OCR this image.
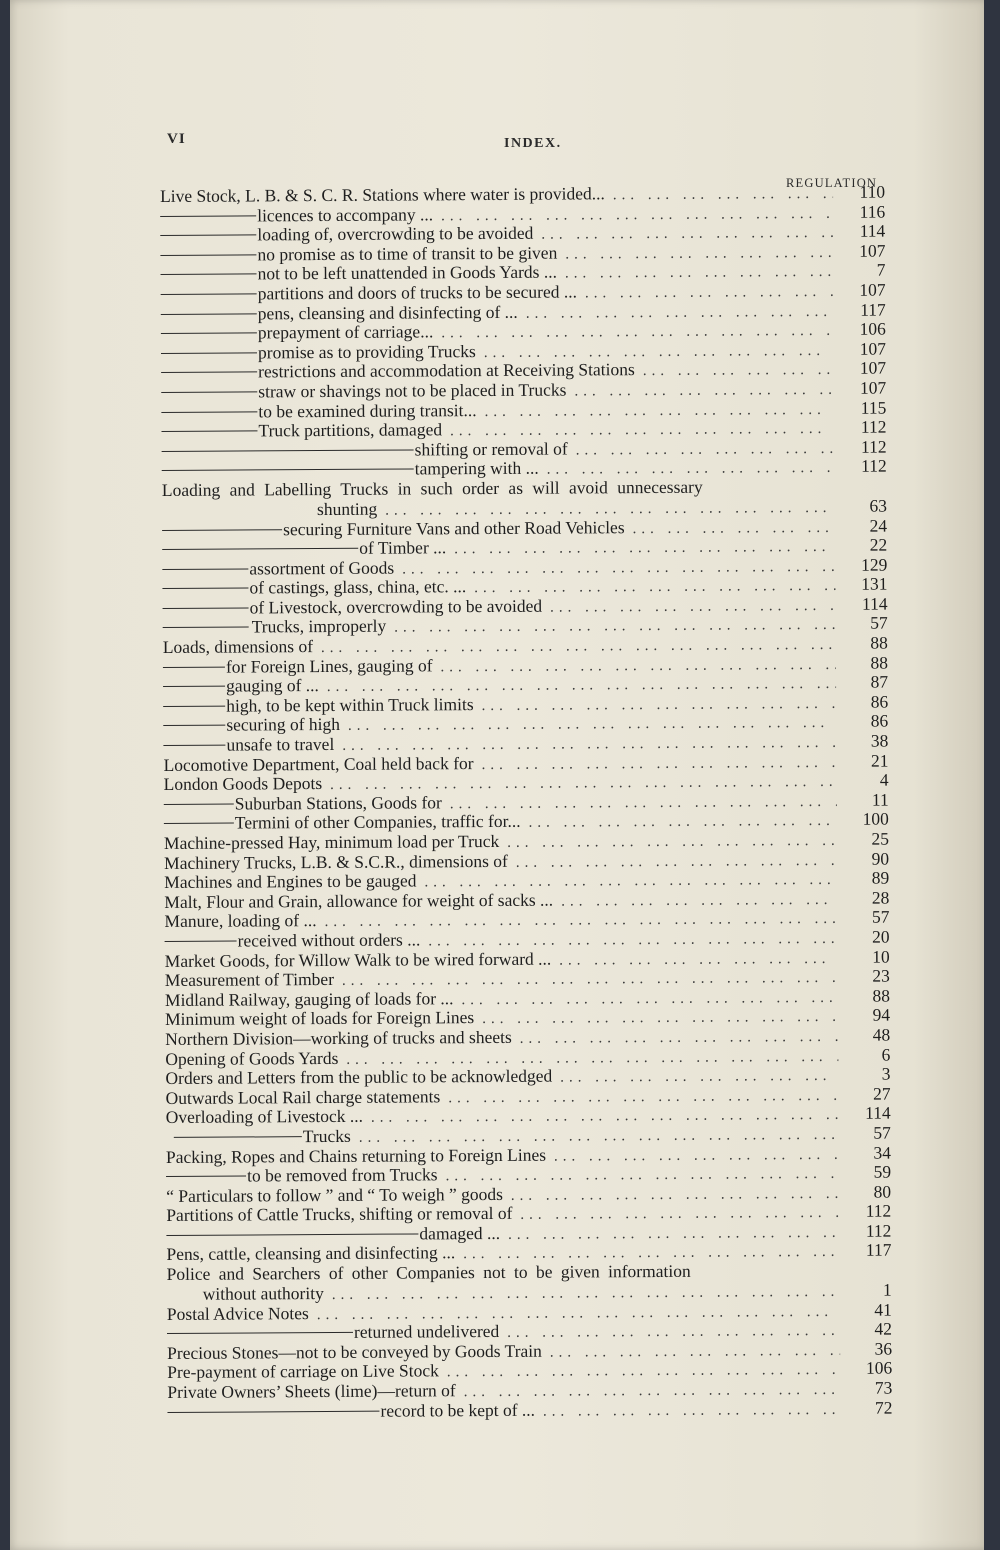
VI	INDEX.
REGULATION
Live Stock, L. B. & S. C. R. Stations where water is provided... ... .	110
licences to accompany ... ... .	116
loading of, overcrowding to be avoided ... .	114
no promise as to time of transit to be given ... .	107
not to be left unattended in Goods Yards ... ... .	7
partitions and doors of trucks to be secured ... ... .	107
pens, cleansing and disinfecting of ... ... .	117
prepayment of carriage... ... .	106
promise as to providing Trucks ... .	107
restrictions and accommodation at Receiving Stations ... .	107
straw or shavings not to be placed in Trucks ... .	107
to be examined during transit... ... .	115
Truck partitions, damaged ... .	112
shifting or removal of ... .	112
tampering with ... ... .	112
Loading and Labelling Trucks in such order as will avoid unnecessary
shunting ... .	63
securing Furniture Vans and other Road Vehicles ... .	24
of Timber ... ... .	22
assortment of Goods ... .	129
of castings, glass, china, etc. ... ... .	131
of Livestock, overcrowding to be avoided ... .	114
Trucks, improperly ... .	57
Loads, dimensions of ... .	88
for Foreign Lines, gauging of ... .	88
gauging of ... ... .	87
high, to be kept within Truck limits ... .	86
securing of high ... .	86
unsafe to travel ... .	38
Locomotive Department, Coal held back for ... .	21
London Goods Depots ... .	4
Suburban Stations, Goods for ... .	11
Termini of other Companies, traffic for... ... .	100
Machine-pressed Hay, minimum load per Truck ... .	25
Machinery Trucks, L.B. & S.C.R., dimensions of ... .	90
Machines and Engines to be gauged ... .	89
Malt, Flour and Grain, allowance for weight of sacks ... ... .	28
Manure, loading of ... ... .	57
received without orders ... ... .	20
Market Goods, for Willow Walk to be wired forward ... ... .	10
Measurement of Timber ... .	23
Midland Railway, gauging of loads for ... ... .	88
Minimum weight of loads for Foreign Lines ... .	94
Northern Division—working of trucks and sheets ... .	48
Opening of Goods Yards ... .	6
Orders and Letters from the public to be acknowledged ... .	3
Outwards Local Rail charge statements ... .	27
Overloading of Livestock ... ... .	114
Trucks ... .	57
Packing, Ropes and Chains returning to Foreign Lines ... .	34
to be removed from Trucks ... .	59
“ Particulars to follow ” and “ To weigh ” goods ... .	80
Partitions of Cattle Trucks, shifting or removal of ... .	112
damaged ... ... .	112
Pens, cattle, cleansing and disinfecting ... ... .	117
Police and Searchers of other Companies not to be given information
without authority ... .	1
Postal Advice Notes ... .	41
returned undelivered ... .	42
Precious Stones—not to be conveyed by Goods Train ... .	36
Pre-payment of carriage on Live Stock ... .	106
Private Owners’ Sheets (lime)—return of ... .	73
record to be kept of ... ... .	72
